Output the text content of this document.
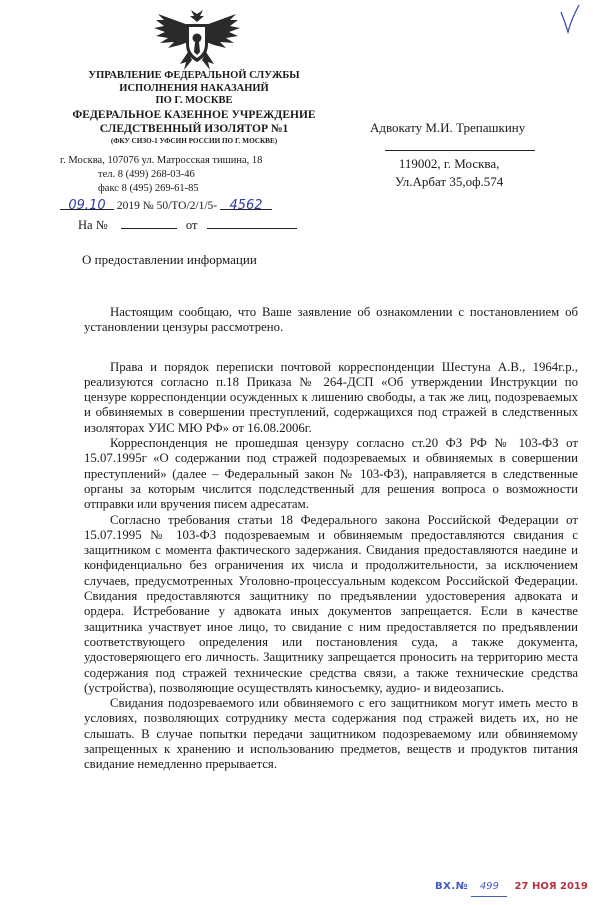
УПРАВЛЕНИЕ ФЕДЕРАЛЬНОЙ СЛУЖБЫ
ИСПОЛНЕНИЯ НАКАЗАНИЙ
ПО Г. МОСКВЕ
ФЕДЕРАЛЬНОЕ КАЗЕННОЕ УЧРЕЖДЕНИЕ
СЛЕДСТВЕННЫЙ ИЗОЛЯТОР №1
(ФКУ СИЗО-1 УФСИН РОССИИ ПО Г. МОСКВЕ)
г. Москва, 107076 ул. Матросская тишина, 18
тел. 8 (499) 268-03-46
факс 8 (495) 269-61-85
09.10 2019 № 50/ТО/2/1/5- 4562
На №	от
Адвокату М.И. Трепашкину
119002, г. Москва,
Ул.Арбат 35,оф.574
О предоставлении информации

Настоящим сообщаю, что Ваше заявление об ознакомлении с постановлением об установлении цензуры рассмотрено.

Права и порядок переписки почтовой корреспонденции Шестуна А.В., 1964г.р., реализуются согласно п.18 Приказа № 264-ДСП «Об утверждении Инструкции по цензуре корреспонденции осужденных к лишению свободы, а так же лиц, подозреваемых и обвиняемых в совершении преступлений, содержащихся под стражей в следственных изоляторах УИС МЮ РФ» от 16.08.2006г.

Корреспонденция не прошедшая цензуру согласно ст.20 ФЗ РФ № 103-ФЗ от 15.07.1995г «О содержании под стражей подозреваемых и обвиняемых в совершении преступлений» (далее – Федеральный закон № 103-ФЗ), направляется в следственные органы за которым числится подследственный для решения вопроса о возможности отправки или вручения писем адресатам.

Согласно требования статьи 18 Федерального закона Российской Федерации от 15.07.1995 № 103-ФЗ подозреваемым и обвиняемым предоставляются свидания с защитником с момента фактического задержания. Свидания предоставляются наедине и конфиденциально без ограничения их числа и продолжительности, за исключением случаев, предусмотренных Уголовно-процессуальным кодексом Российской Федерации. Свидания предоставляются защитнику по предъявлении удостоверения адвоката и ордера. Истребование у адвоката иных документов запрещается. Если в качестве защитника участвует иное лицо, то свидание с ним предоставляется по предъявлении соответствующего определения или постановления суда, а также документа, удостоверяющего его личность. Защитнику запрещается проносить на территорию места содержания под стражей технические средства связи, а также технические средства (устройства), позволяющие осуществлять киносъемку, аудио- и видеозапись.

Свидания подозреваемого или обвиняемого с его защитником могут иметь место в условиях, позволяющих сотруднику места содержания под стражей видеть их, но не слышать. В случае попытки передачи защитником подозреваемому или обвиняемому запрещенных к хранению и использованию предметов, веществ и продуктов питания свидание немедленно прерывается.

ВХ.№ 499 27 НОЯ 2019
